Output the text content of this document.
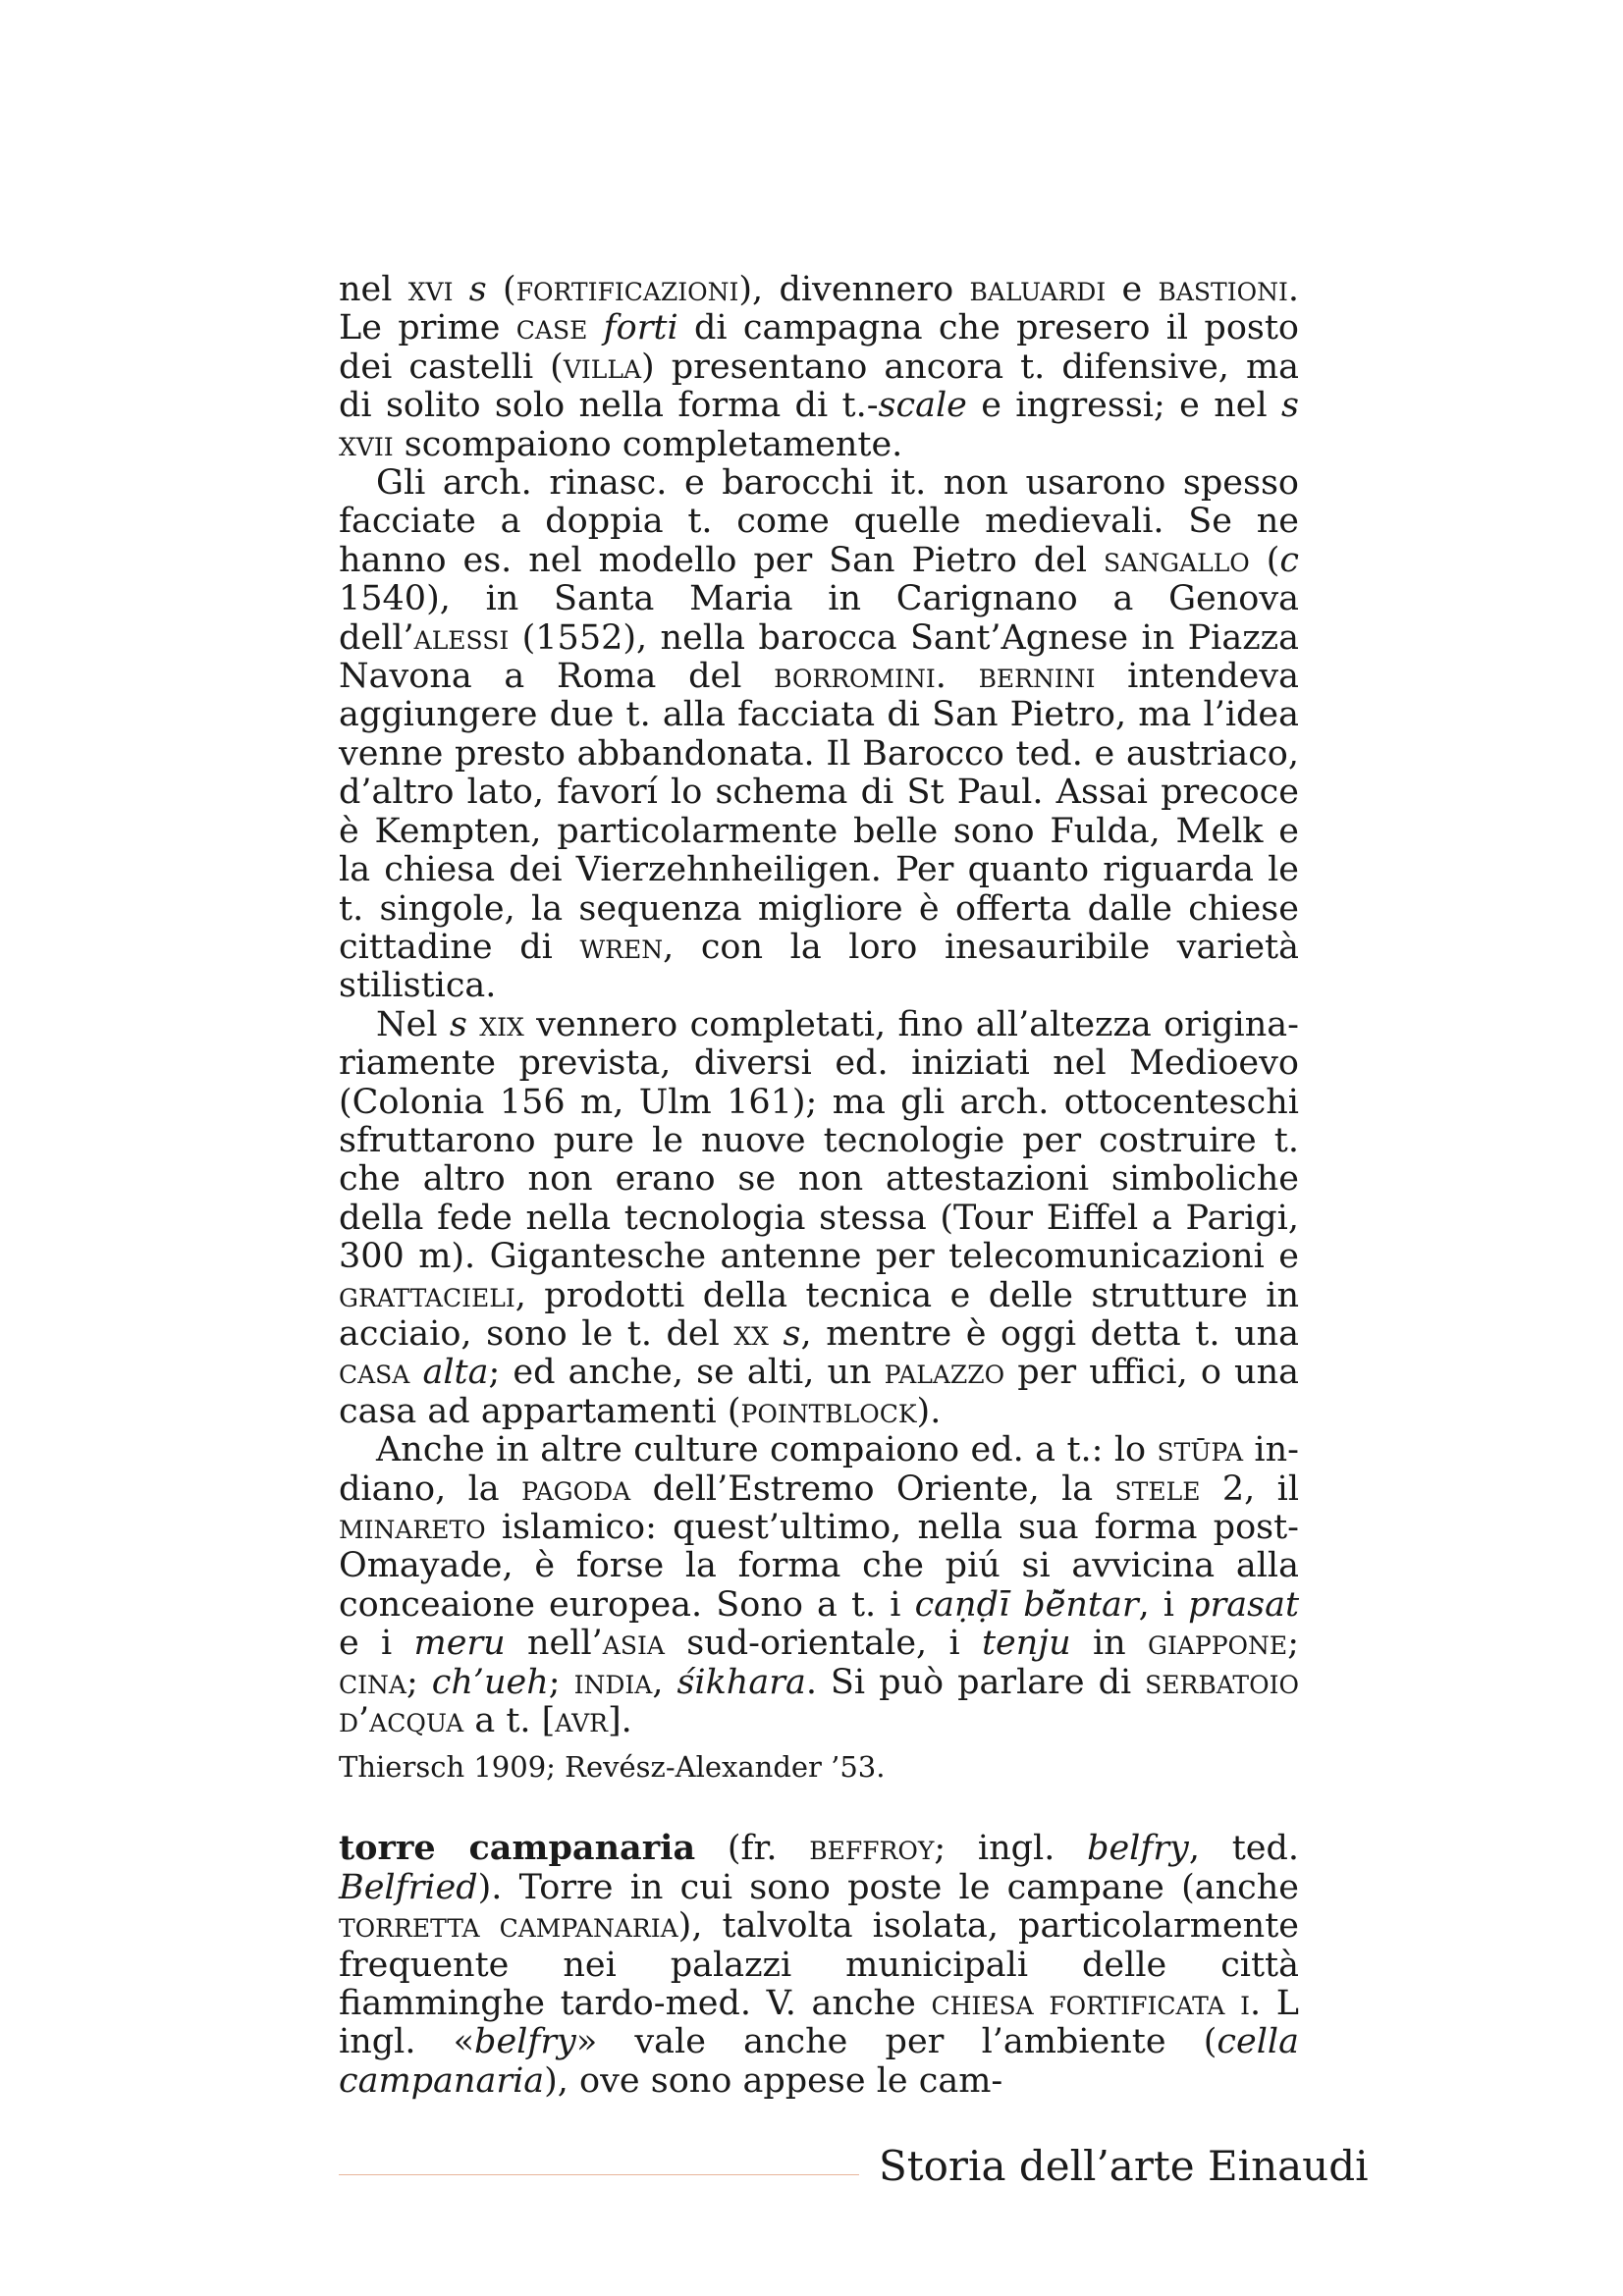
nel xvi s (fortificazioni), divennero baluardi e bastioni. Le prime case forti di campagna che presero il posto dei castelli (villa) presentano ancora t. difensive, ma di solito solo nella forma di t.-scale e ingressi; e nel s xvii scompaiono completamente.

Gli arch. rinasc. e barocchi it. non usarono spesso facciate a doppia t. come quelle medievali. Se ne hanno es. nel modello per San Pietro del sangallo (c 1540), in Santa Maria in Carignano a Genova dell’alessi (1552), nella barocca Sant’Agnese in Piazza Navona a Roma del borromini. bernini intendeva aggiungere due t. alla facciata di San Pietro, ma l’idea venne presto abbandonata. Il Barocco ted. e austriaco, d’altro lato, favorí lo schema di St Paul. Assai precoce è Kempten, particolarmente belle sono Fulda, Melk e la chiesa dei Vierzehnheiligen. Per quanto riguarda le t. singole, la sequenza migliore è offerta dalle chiese cittadine di wren, con la loro inesauribile varietà stilistica.

Nel s xix vennero completati, fino all’altezza originariamente prevista, diversi ed. iniziati nel Medioevo (Colonia 156 m, Ulm 161); ma gli arch. ottocenteschi sfruttarono pure le nuove tecnologie per costruire t. che altro non erano se non attestazioni simboliche della fede nella tecnologia stessa (Tour Eiffel a Parigi, 300 m). Gigantesche antenne per telecomunicazioni e grattacieli, prodotti della tecnica e delle strutture in acciaio, sono le t. del xx s, mentre è oggi detta t. una casa alta; ed anche, se alti, un palazzo per uffici, o una casa ad appartamenti (pointblock).

Anche in altre culture compaiono ed. a t.: lo stūpa indiano, la pagoda dell’Estremo Oriente, la stele 2, il minareto islamico: quest’ultimo, nella sua forma post-Omayade, è forse la forma che piú si avvicina alla conceaione europea. Sono a t. i caṇḍī bĕ̃ntar, i prasat e i meru nell’asia sud-orientale, i tenju in giappone; cina; ch’ueh; india, śikhara. Si può parlare di serbatoio d’acqua a t. [avr].

Thiersch 1909; Revész-Alexander ’53.

torre campanaria (fr. beffroy; ingl. belfry, ted. Belfried). Torre in cui sono poste le campane (anche torretta campanaria), talvolta isolata, particolarmente frequente nei palazzi municipali delle città fiamminghe tardo-med. V. anche chiesa fortificata i. L ingl. «belfry» vale anche per l’ambiente (cella campanaria), ove sono appese le cam-

Storia dell’arte Einaudi
